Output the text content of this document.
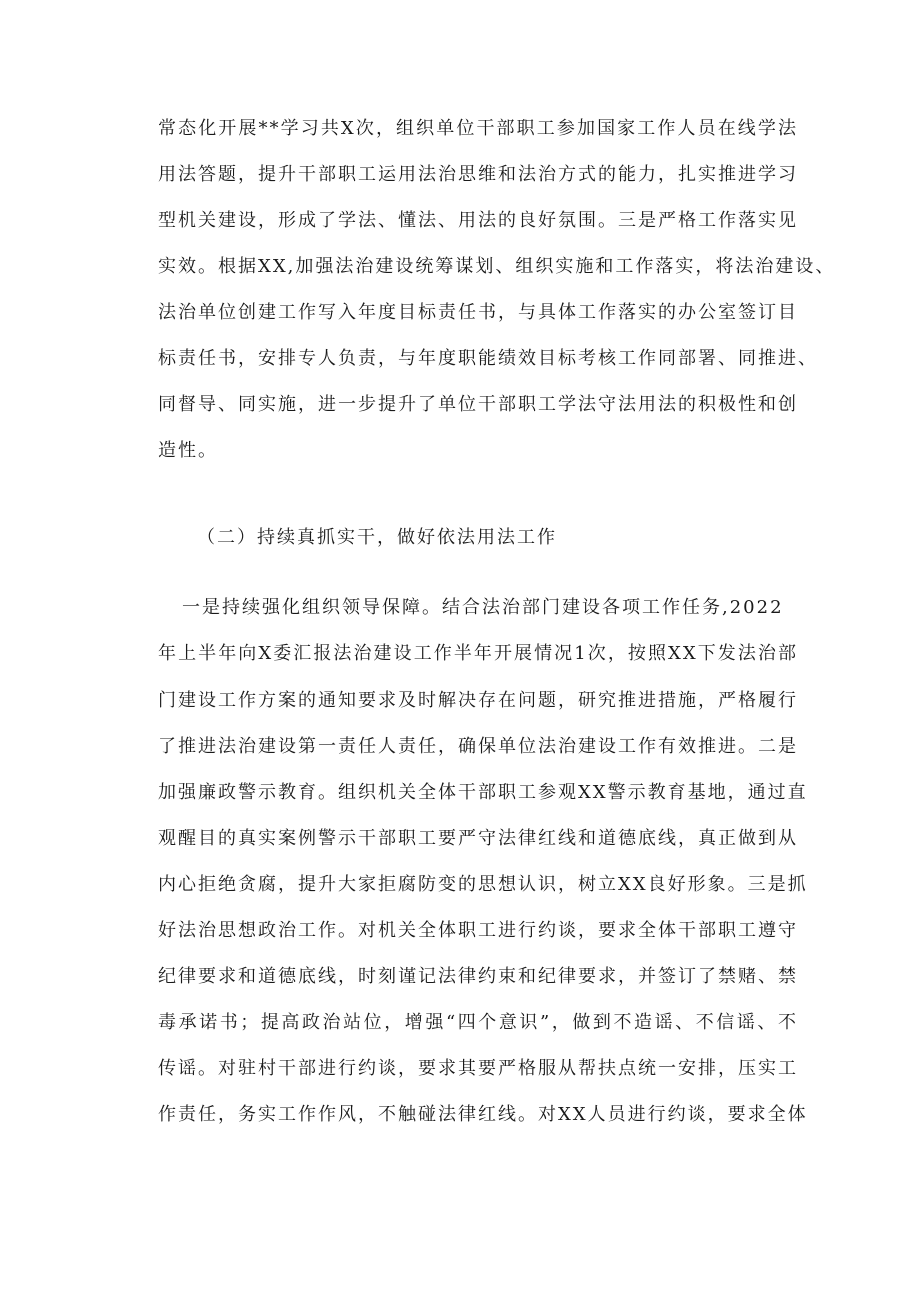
常态化开展**学习共X次，组织单位干部职工参加国家工作人员在线学法
用法答题，提升干部职工运用法治思维和法治方式的能力，扎实推进学习
型机关建设，形成了学法、懂法、用法的良好氛围。三是严格工作落实见
实效。根据XX,加强法治建设统筹谋划、组织实施和工作落实，将法治建设、
法治单位创建工作写入年度目标责任书，与具体工作落实的办公室签订目
标责任书，安排专人负责，与年度职能绩效目标考核工作同部署、同推进、
同督导、同实施，进一步提升了单位干部职工学法守法用法的积极性和创
造性。
（二）持续真抓实干，做好依法用法工作
一是持续强化组织领导保障。结合法治部门建设各项工作任务,2022
年上半年向X委汇报法治建设工作半年开展情况1次，按照XX下发法治部
门建设工作方案的通知要求及时解决存在问题，研究推进措施，严格履行
了推进法治建设第一责任人责任，确保单位法治建设工作有效推进。二是
加强廉政警示教育。组织机关全体干部职工参观XX警示教育基地，通过直
观醒目的真实案例警示干部职工要严守法律红线和道德底线，真正做到从
内心拒绝贪腐，提升大家拒腐防变的思想认识，树立XX良好形象。三是抓
好法治思想政治工作。对机关全体职工进行约谈，要求全体干部职工遵守
纪律要求和道德底线，时刻谨记法律约束和纪律要求，并签订了禁赌、禁
毒承诺书；提高政治站位，增强“四个意识”，做到不造谣、不信谣、不
传谣。对驻村干部进行约谈，要求其要严格服从帮扶点统一安排，压实工
作责任，务实工作作风，不触碰法律红线。对XX人员进行约谈，要求全体
